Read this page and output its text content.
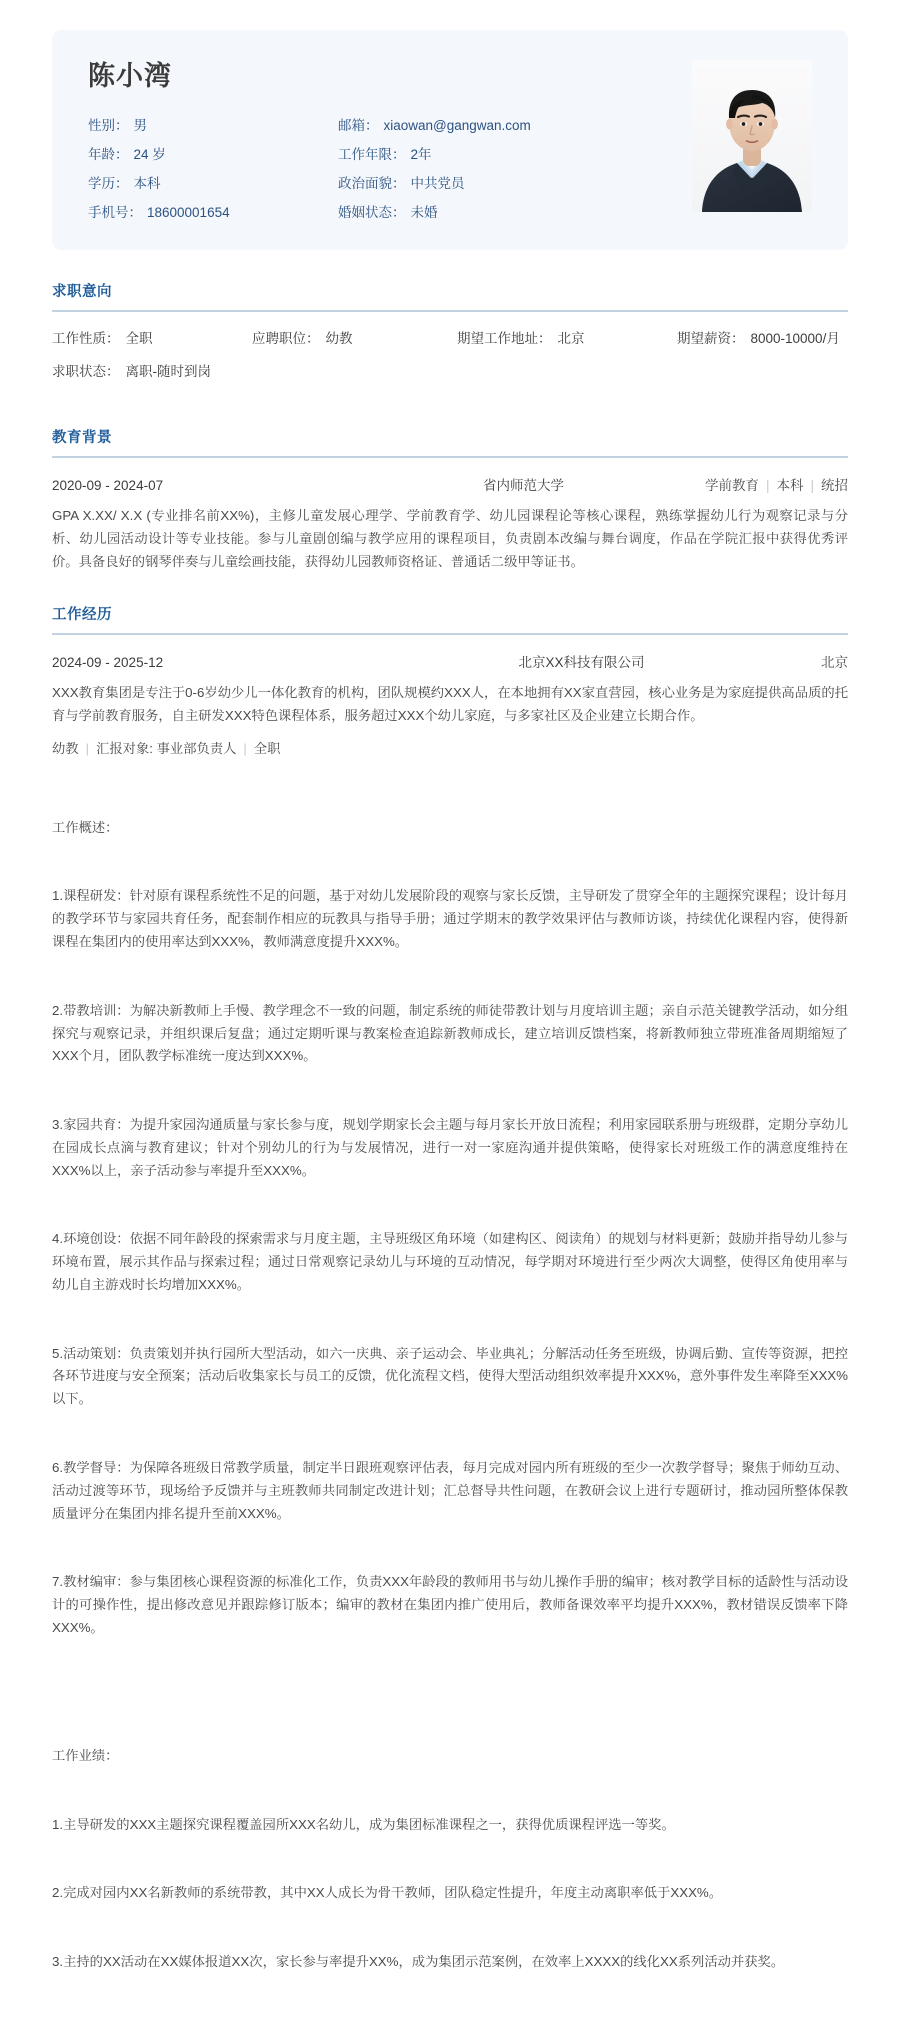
陈小湾
性别： 男	邮箱： xiaowan@gangwan.com
年龄： 24 岁	工作年限： 2年
学历： 本科	政治面貌： 中共党员
手机号： 18600001654	婚姻状态： 未婚
求职意向
工作性质： 全职	应聘职位： 幼教	期望工作地址： 北京	期望薪资： 8000-10000/月
求职状态： 离职-随时到岗
教育背景
2020-09 - 2024-07	省内师范大学	学前教育 | 本科 | 统招

GPA X.XX/ X.X (专业排名前XX%)，主修儿童发展心理学、学前教育学、幼儿园课程论等核心课程，熟练掌握幼儿行为观察记录与分析、幼儿园活动设计等专业技能。参与儿童剧创编与教学应用的课程项目，负责剧本改编与舞台调度，作品在学院汇报中获得优秀评价。具备良好的钢琴伴奏与儿童绘画技能，获得幼儿园教师资格证、普通话二级甲等证书。

工作经历
2024-09 - 2025-12	北京XX科技有限公司	北京

XXX教育集团是专注于0-6岁幼少儿一体化教育的机构，团队规模约XXX人，在本地拥有XX家直营园，核心业务是为家庭提供高品质的托育与学前教育服务，自主研发XXX特色课程体系，服务超过XXX个幼儿家庭，与多家社区及企业建立长期合作。

幼教 | 汇报对象: 事业部负责人 | 全职

工作概述：

1.课程研发：针对原有课程系统性不足的问题，基于对幼儿发展阶段的观察与家长反馈，主导研发了贯穿全年的主题探究课程；设计每月的教学环节与家园共育任务，配套制作相应的玩教具与指导手册；通过学期末的教学效果评估与教师访谈，持续优化课程内容，使得新课程在集团内的使用率达到XXX%，教师满意度提升XXX%。

2.带教培训：为解决新教师上手慢、教学理念不一致的问题，制定系统的师徒带教计划与月度培训主题；亲自示范关键教学活动，如分组探究与观察记录，并组织课后复盘；通过定期听课与教案检查追踪新教师成长，建立培训反馈档案，将新教师独立带班准备周期缩短了XXX个月，团队教学标准统一度达到XXX%。

3.家园共育：为提升家园沟通质量与家长参与度，规划学期家长会主题与每月家长开放日流程；利用家园联系册与班级群，定期分享幼儿在园成长点滴与教育建议；针对个别幼儿的行为与发展情况，进行一对一家庭沟通并提供策略，使得家长对班级工作的满意度维持在XXX%以上，亲子活动参与率提升至XXX%。

4.环境创设：依据不同年龄段的探索需求与月度主题，主导班级区角环境（如建构区、阅读角）的规划与材料更新；鼓励并指导幼儿参与环境布置，展示其作品与探索过程；通过日常观察记录幼儿与环境的互动情况，每学期对环境进行至少两次大调整，使得区角使用率与幼儿自主游戏时长均增加XXX%。

5.活动策划：负责策划并执行园所大型活动，如六一庆典、亲子运动会、毕业典礼；分解活动任务至班级，协调后勤、宣传等资源，把控各环节进度与安全预案；活动后收集家长与员工的反馈，优化流程文档，使得大型活动组织效率提升XXX%，意外事件发生率降至XXX%以下。

6.教学督导：为保障各班级日常教学质量，制定半日跟班观察评估表，每月完成对园内所有班级的至少一次教学督导；聚焦于师幼互动、活动过渡等环节，现场给予反馈并与主班教师共同制定改进计划；汇总督导共性问题，在教研会议上进行专题研讨，推动园所整体保教质量评分在集团内排名提升至前XXX%。

7.教材编审：参与集团核心课程资源的标准化工作，负责XXX年龄段的教师用书与幼儿操作手册的编审；核对教学目标的适龄性与活动设计的可操作性，提出修改意见并跟踪修订版本；编审的教材在集团内推广使用后，教师备课效率平均提升XXX%，教材错误反馈率下降XXX%。

工作业绩：

1.主导研发的XXX主题探究课程覆盖园所XXX名幼儿，成为集团标准课程之一，获得优质课程评选一等奖。

2.完成对园内XX名新教师的系统带教，其中XX人成长为骨干教师，团队稳定性提升，年度主动离职率低于XXX%。

3.主持的XX活动在XX媒体报道XX次，家长参与率提升XX%，成为集团示范案例，在效率上XXXX的线化XX系列活动并获奖。
